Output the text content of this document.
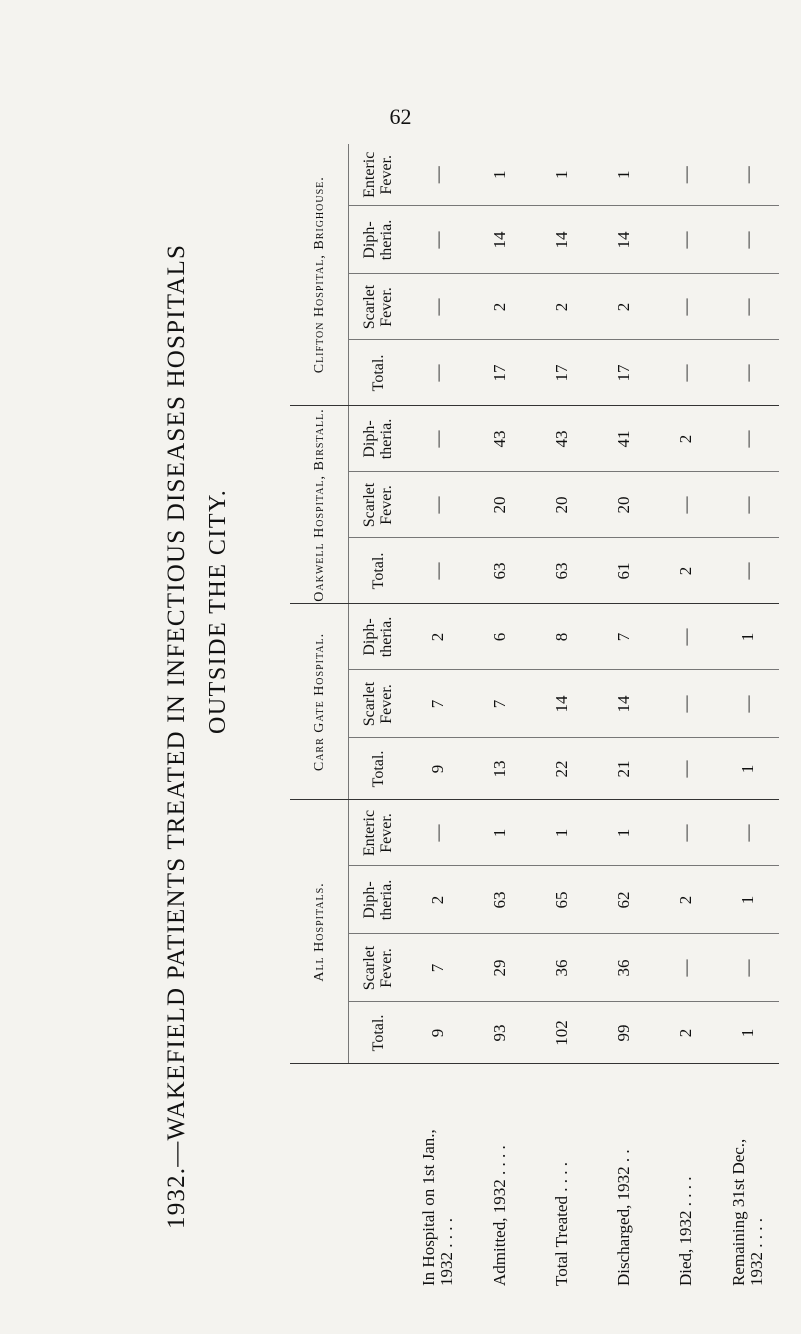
62
1932.—WAKEFIELD PATIENTS TREATED IN INFECTIOUS DISEASES HOSPITALS OUTSIDE THE CITY.
	All Hospitals.				Carr Gate Hospital.			Oakwell Hospital, Birstall.			Clifton Hospital, Brighouse.			
	Total.	Scarlet Fever.	Diph-theria.	Enteric Fever.	Total.	Scarlet Fever.	Diph-theria.	Total.	Scarlet Fever.	Diph-theria.	Total.	Scarlet Fever.	Diph-theria.	Enteric Fever.

In Hospital on 1st Jan., 1932 . . . .	9	7	2	—	9	7	2	—	—	—	—	—	—	—

Admitted, 1932 . . . .	93	29	63	1	13	7	6	63	20	43	17	2	14	1

Total Treated . . . .	102	36	65	1	22	14	8	63	20	43	17	2	14	1

Discharged, 1932 . .	99	36	62	1	21	14	7	61	20	41	17	2	14	1

Died, 1932 . . . .	2	—	2	—	—	—	—	2	—	2	—	—	—	—

Remaining 31st Dec., 1932 . . . .	1	—	1	—	1	—	1	—	—	—	—	—	—	—
